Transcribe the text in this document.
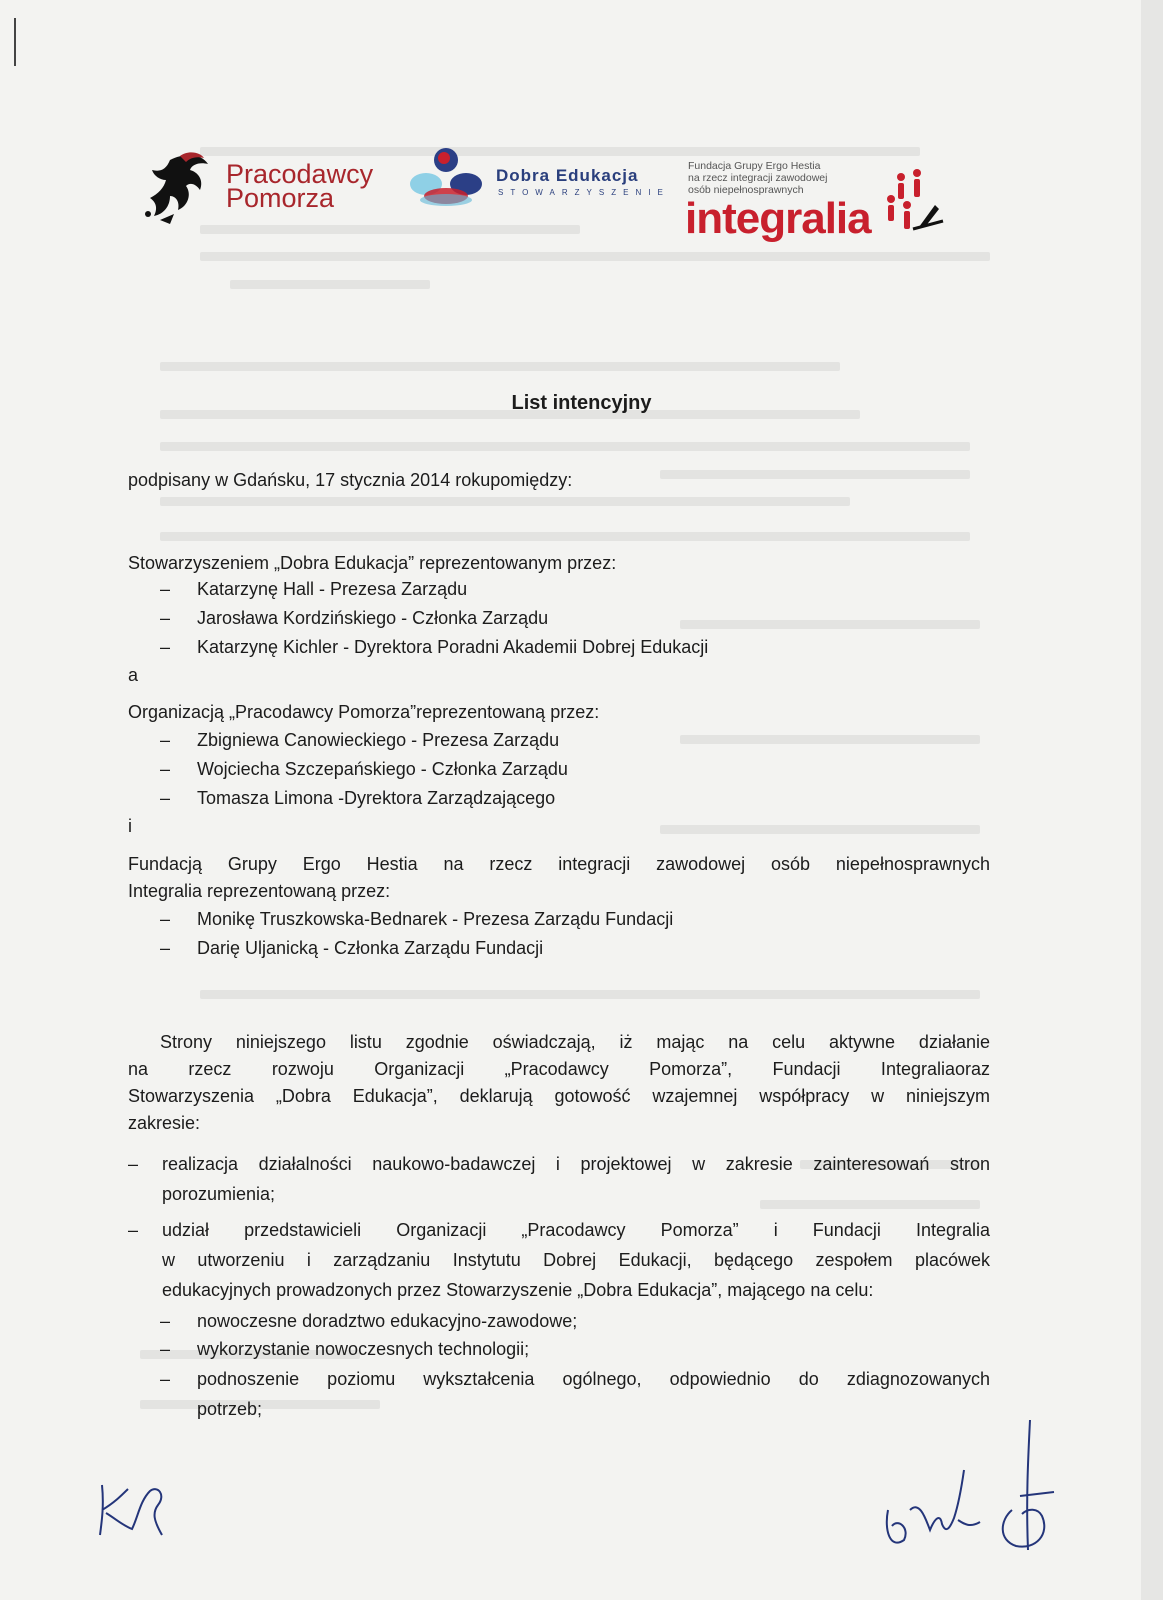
Pracodawcy
Pomorza
Dobra Edukacja
STOWARZYSZENIE
Fundacja Grupy Ergo Hestia
na rzecz integracji zawodowej
osób niepełnosprawnych
integralia
List intencyjny
podpisany w Gdańsku, 17 stycznia 2014 rokupomiędzy:
Stowarzyszeniem „Dobra Edukacja” reprezentowanym przez:
– Katarzynę Hall - Prezesa Zarządu
– Jarosława Kordzińskiego - Członka Zarządu
– Katarzynę Kichler - Dyrektora Poradni Akademii Dobrej Edukacji
a
Organizacją „Pracodawcy Pomorza”reprezentowaną przez:
– Zbigniewa Canowieckiego - Prezesa Zarządu
– Wojciecha Szczepańskiego - Członka Zarządu
– Tomasza Limona -Dyrektora Zarządzającego
i
Fundacją Grupy Ergo Hestia na rzecz integracji zawodowej osób niepełnosprawnych
Integralia reprezentowaną przez:
– Monikę Truszkowska-Bednarek - Prezesa Zarządu Fundacji
– Darię Uljanicką - Członka Zarządu Fundacji
Strony niniejszego listu zgodnie oświadczają, iż mając na celu aktywne działanie
na rzecz rozwoju Organizacji „Pracodawcy Pomorza”, Fundacji Integraliaoraz
Stowarzyszenia „Dobra Edukacja”, deklarują gotowość wzajemnej współpracy w niniejszym
zakresie:
– realizacja działalności naukowo-badawczej i projektowej w zakresie zainteresowań stron
porozumienia;
– udział przedstawicieli Organizacji „Pracodawcy Pomorza” i Fundacji Integralia
w utworzeniu i zarządzaniu Instytutu Dobrej Edukacji, będącego zespołem placówek
edukacyjnych prowadzonych przez Stowarzyszenie „Dobra Edukacja”, mającego na celu:
– nowoczesne doradztwo edukacyjno-zawodowe;
– wykorzystanie nowoczesnych technologii;
– podnoszenie poziomu wykształcenia ogólnego, odpowiednio do zdiagnozowanych
potrzeb;
